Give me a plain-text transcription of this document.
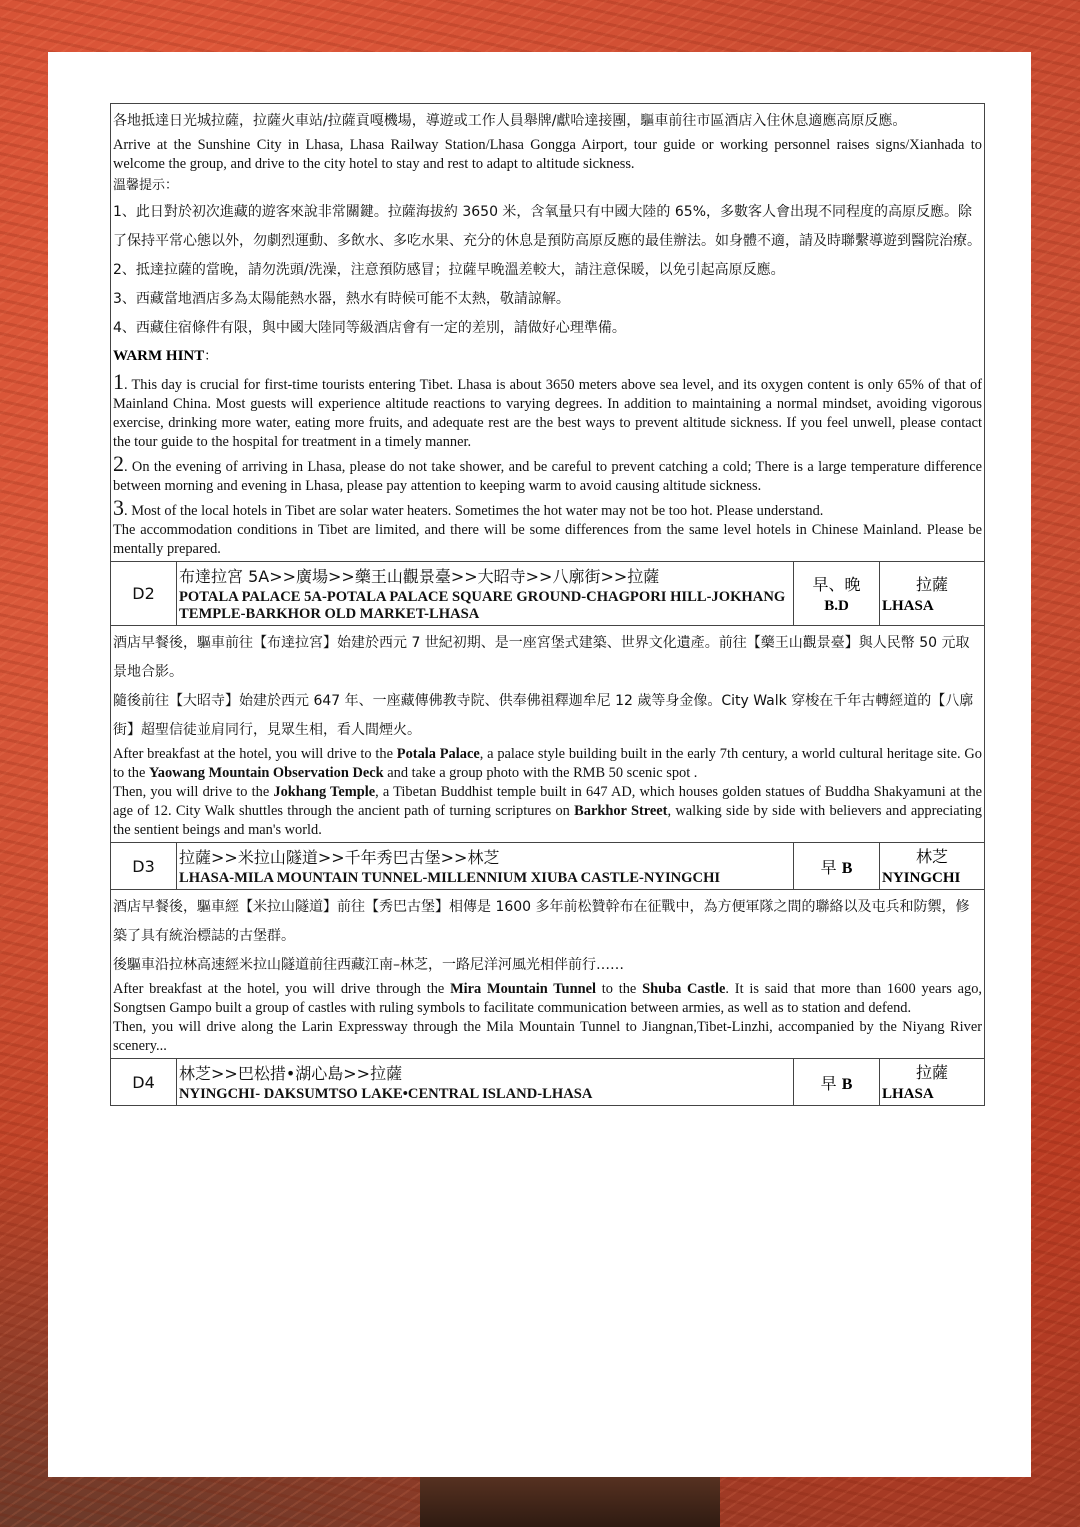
各地抵達日光城拉薩，拉薩火車站/拉薩貢嘎機場，導遊或工作人員舉牌/獻哈達接團，驅車前往市區酒店入住休息適應高原反應。

Arrive at the Sunshine City in Lhasa, Lhasa Railway Station/Lhasa Gongga Airport, tour guide or working personnel raises signs/Xianhada to welcome the group, and drive to the city hotel to stay and rest to adapt to altitude sickness.

溫馨提示：

1、此日對於初次進藏的遊客來說非常關鍵。拉薩海拔約 3650 米，含氧量只有中國大陸的 65%，多數客人會出現不同程度的高原反應。除了保持平常心態以外，勿劇烈運動、多飲水、多吃水果、充分的休息是預防高原反應的最佳辦法。如身體不適，請及時聯繫導遊到醫院治療。

2、抵達拉薩的當晚，請勿洗頭/洗澡，注意預防感冒；拉薩早晚溫差較大，請注意保暖，以免引起高原反應。

3、西藏當地酒店多為太陽能熱水器，熱水有時候可能不太熱，敬請諒解。

4、西藏住宿條件有限，與中國大陸同等級酒店會有一定的差別，請做好心理準備。

WARM HINT：

1. This day is crucial for first-time tourists entering Tibet. Lhasa is about 3650 meters above sea level, and its oxygen content is only 65% of that of Mainland China. Most guests will experience altitude reactions to varying degrees. In addition to maintaining a normal mindset, avoiding vigorous exercise, drinking more water, eating more fruits, and adequate rest are the best ways to prevent altitude sickness. If you feel unwell, please contact the tour guide to the hospital for treatment in a timely manner.

2. On the evening of arriving in Lhasa, please do not take shower, and be careful to prevent catching a cold; There is a large temperature difference between morning and evening in Lhasa, please pay attention to keeping warm to avoid causing altitude sickness.

3. Most of the local hotels in Tibet are solar water heaters. Sometimes the hot water may not be too hot. Please understand.

The accommodation conditions in Tibet are limited, and there will be some differences from the same level hotels in Chinese Mainland. Please be mentally prepared.

D2
布達拉宮 5A>>廣場>>藥王山觀景臺>>大昭寺>>八廓街>>拉薩
POTALA PALACE 5A-POTALA PALACE SQUARE GROUND-CHAGPORI HILL-JOKHANG TEMPLE-BARKHOR OLD MARKET-LHASA
早、晚
B.D
拉薩
LHASA

酒店早餐後，驅車前往【布達拉宮】始建於西元 7 世紀初期、是一座宮堡式建築、世界文化遺產。前往【藥王山觀景臺】與人民幣 50 元取景地合影。

隨後前往【大昭寺】始建於西元 647 年、一座藏傳佛教寺院、供奉佛祖釋迦牟尼 12 歲等身金像。City Walk 穿梭在千年古轉經道的【八廓街】超聖信徒並肩同行，見眾生相，看人間煙火。

After breakfast at the hotel, you will drive to the Potala Palace, a palace style building built in the early 7th century, a world cultural heritage site. Go to the Yaowang Mountain Observation Deck and take a group photo with the RMB 50 scenic spot .

Then, you will drive to the Jokhang Temple, a Tibetan Buddhist temple built in 647 AD, which houses golden statues of Buddha Shakyamuni at the age of 12. City Walk shuttles through the ancient path of turning scriptures on Barkhor Street, walking side by side with believers and appreciating the sentient beings and man's world.

D3	拉薩>>米拉山隧道>>千年秀巴古堡>>林芝
LHASA-MILA MOUNTAIN TUNNEL-MILLENNIUM XIUBA CASTLE-NYINGCHI
早 B
林芝
NYINGCHI

酒店早餐後，驅車經【米拉山隧道】前往【秀巴古堡】相傳是 1600 多年前松贊幹布在征戰中，為方便軍隊之間的聯絡以及屯兵和防禦，修築了具有統治標誌的古堡群。

後驅車沿拉林高速經米拉山隧道前往西藏江南–林芝，一路尼洋河風光相伴前行……

After breakfast at the hotel, you will drive through the Mira Mountain Tunnel to the Shuba Castle. It is said that more than 1600 years ago, Songtsen Gampo built a group of castles with ruling symbols to facilitate communication between armies, as well as to station and defend.

Then, you will drive along the Larin Expressway through the Mila Mountain Tunnel to Jiangnan,Tibet-Linzhi, accompanied by the Niyang River scenery...

D4	林芝>>巴松措•湖心島>>拉薩
NYINGCHI- DAKSUMTSO LAKE•CENTRAL ISLAND-LHASA
早 B
拉薩
LHASA
